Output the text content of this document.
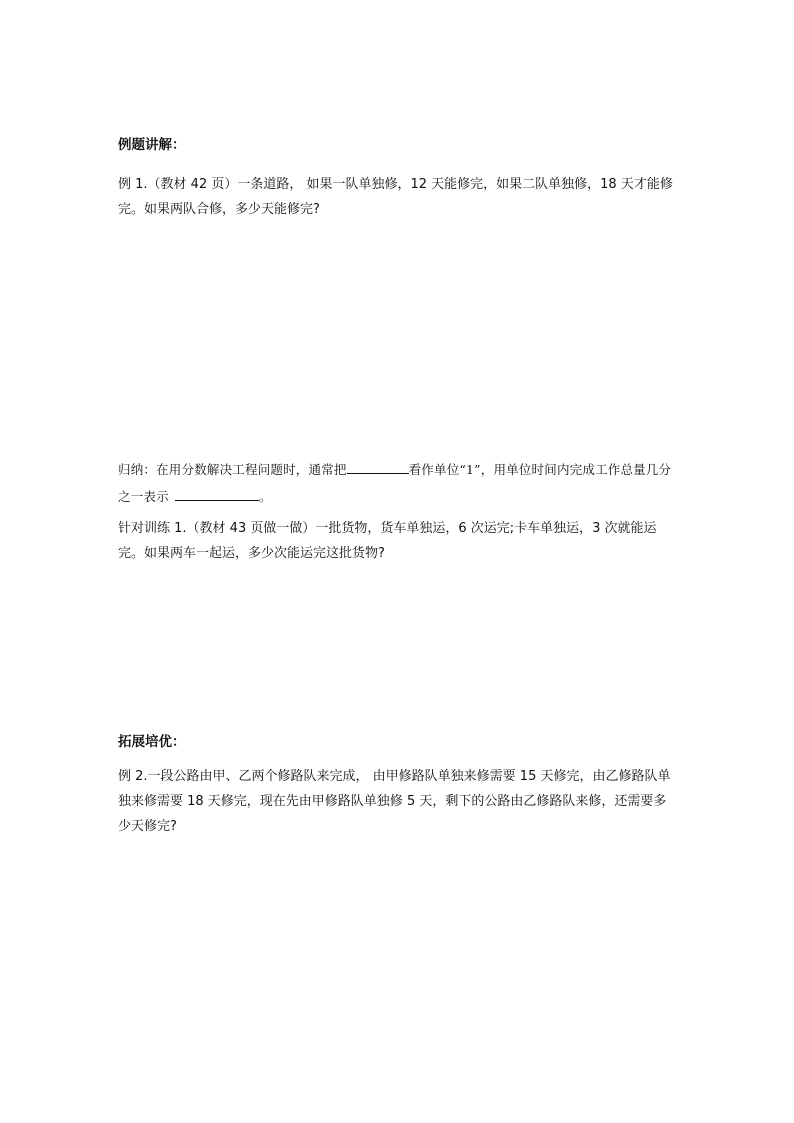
例题讲解：
例 1.（教材 42 页）一条道路， 如果一队单独修，12 天能修完，如果二队单独修，18 天才能修完。如果两队合修，多少天能修完?
归纳：在用分数解决工程问题时，通常把	看作单位“1”，用单位时间内完成工作总量几分之一表示	。
针对训练 1.（教材 43 页做一做）一批货物，货车单独运，6 次运完;卡车单独运，3 次就能运完。如果两车一起运，多少次能运完这批货物?
拓展培优：
例 2.一段公路由甲、乙两个修路队来完成， 由甲修路队单独来修需要 15 天修完，由乙修路队单独来修需要 18 天修完，现在先由甲修路队单独修 5 天，剩下的公路由乙修路队来修，还需要多少天修完?
